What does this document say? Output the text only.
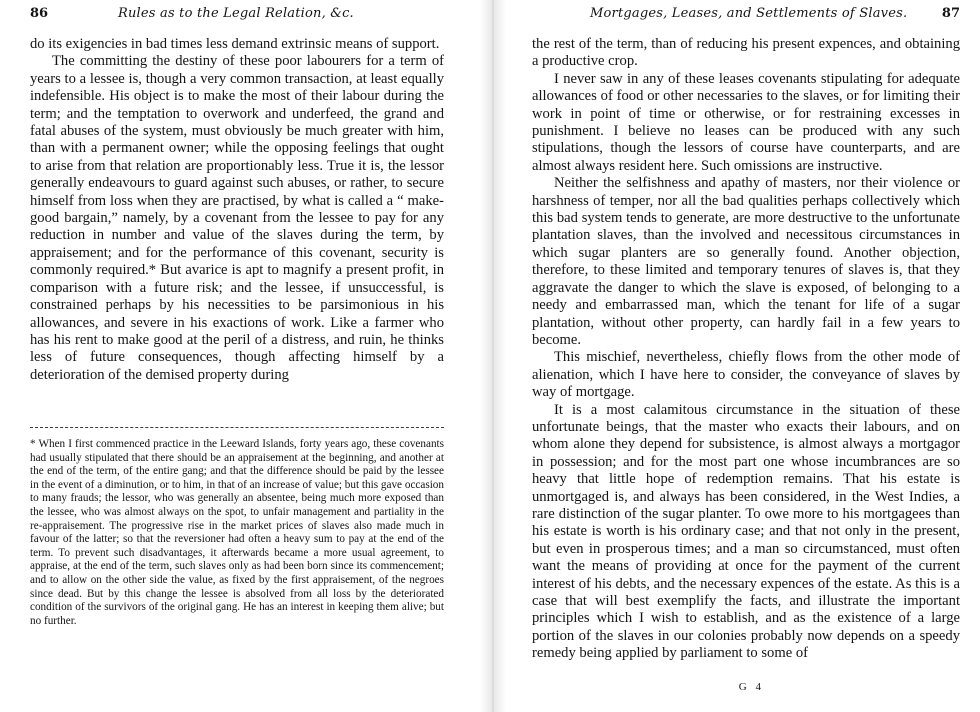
86	Rules as to the Legal Relation, &c.

do its exigencies in bad times less demand extrinsic means of support.

The committing the destiny of these poor labourers for a term of years to a lessee is, though a very common transaction, at least equally indefensible. His object is to make the most of their labour during the term; and the temptation to overwork and underfeed, the grand and fatal abuses of the system, must obviously be much greater with him, than with a permanent owner; while the opposing feelings that ought to arise from that relation are proportionably less. True it is, the lessor generally endeavours to guard against such abuses, or rather, to secure himself from loss when they are practised, by what is called a “ make-good bargain,” namely, by a covenant from the lessee to pay for any reduction in number and value of the slaves during the term, by appraisement; and for the performance of this covenant, security is commonly required.* But avarice is apt to magnify a present profit, in comparison with a future risk; and the lessee, if unsuccessful, is constrained perhaps by his necessities to be parsimonious in his allowances, and severe in his exactions of work. Like a farmer who has his rent to make good at the peril of a distress, and ruin, he thinks less of future consequences, though affecting himself by a deterioration of the demised property during

* When I first commenced practice in the Leeward Islands, forty years ago, these covenants had usually stipulated that there should be an appraisement at the beginning, and another at the end of the term, of the entire gang; and that the difference should be paid by the lessee in the event of a diminution, or to him, in that of an increase of value; but this gave occasion to many frauds; the lessor, who was generally an absentee, being much more exposed than the lessee, who was almost always on the spot, to unfair management and partiality in the re-appraisement. The progressive rise in the market prices of slaves also made much in favour of the latter; so that the reversioner had often a heavy sum to pay at the end of the term. To prevent such disadvantages, it afterwards became a more usual agreement, to appraise, at the end of the term, such slaves only as had been born since its commencement; and to allow on the other side the value, as fixed by the first appraisement, of the negroes since dead. But by this change the lessee is absolved from all loss by the deteriorated condition of the survivors of the original gang. He has an interest in keeping them alive; but no further.
Mortgages, Leases, and Settlements of Slaves.	87

the rest of the term, than of reducing his present expences, and obtaining a productive crop.

I never saw in any of these leases covenants stipulating for adequate allowances of food or other necessaries to the slaves, or for limiting their work in point of time or otherwise, or for restraining excesses in punishment. I believe no leases can be produced with any such stipulations, though the lessors of course have counterparts, and are almost always resident here. Such omissions are instructive.

Neither the selfishness and apathy of masters, nor their violence or harshness of temper, nor all the bad qualities perhaps collectively which this bad system tends to generate, are more destructive to the unfortunate plantation slaves, than the involved and necessitous circumstances in which sugar planters are so generally found. Another objection, therefore, to these limited and temporary tenures of slaves is, that they aggravate the danger to which the slave is exposed, of belonging to a needy and embarrassed man, which the tenant for life of a sugar plantation, without other property, can hardly fail in a few years to become.

This mischief, nevertheless, chiefly flows from the other mode of alienation, which I have here to consider, the conveyance of slaves by way of mortgage.

It is a most calamitous circumstance in the situation of these unfortunate beings, that the master who exacts their labours, and on whom alone they depend for subsistence, is almost always a mortgagor in possession; and for the most part one whose incumbrances are so heavy that little hope of redemption remains. That his estate is unmortgaged is, and always has been considered, in the West Indies, a rare distinction of the sugar planter. To owe more to his mortgagees than his estate is worth is his ordinary case; and that not only in the present, but even in prosperous times; and a man so circumstanced, must often want the means of providing at once for the payment of the current interest of his debts, and the necessary expences of the estate. As this is a case that will best exemplify the facts, and illustrate the important principles which I wish to establish, and as the existence of a large portion of the slaves in our colonies probably now depends on a speedy remedy being applied by parliament to some of

G 4
